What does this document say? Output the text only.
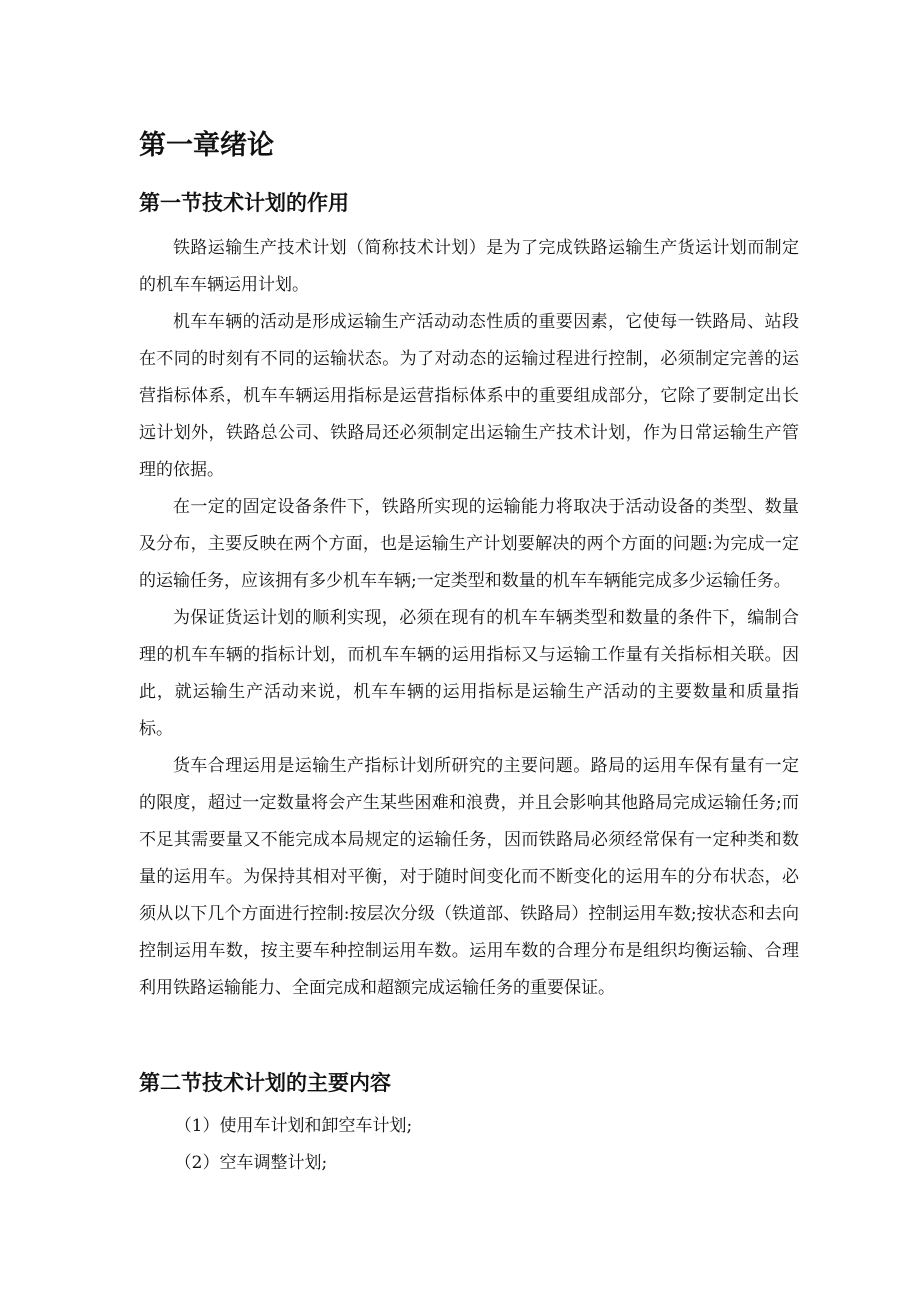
第一章绪论
第一节技术计划的作用

铁路运输生产技术计划（简称技术计划）是为了完成铁路运输生产货运计划而制定的机车车辆运用计划。

机车车辆的活动是形成运输生产活动动态性质的重要因素，它使每一铁路局、站段在不同的时刻有不同的运输状态。为了对动态的运输过程进行控制，必须制定完善的运营指标体系，机车车辆运用指标是运营指标体系中的重要组成部分，它除了要制定出长远计划外，铁路总公司、铁路局还必须制定出运输生产技术计划，作为日常运输生产管理的依据。

在一定的固定设备条件下，铁路所实现的运输能力将取决于活动设备的类型、数量及分布，主要反映在两个方面，也是运输生产计划要解决的两个方面的问题:为完成一定的运输任务，应该拥有多少机车车辆;一定类型和数量的机车车辆能完成多少运输任务。

为保证货运计划的顺利实现，必须在现有的机车车辆类型和数量的条件下，编制合理的机车车辆的指标计划，而机车车辆的运用指标又与运输工作量有关指标相关联。因此，就运输生产活动来说，机车车辆的运用指标是运输生产活动的主要数量和质量指标。

货车合理运用是运输生产指标计划所研究的主要问题。路局的运用车保有量有一定的限度，超过一定数量将会产生某些困难和浪费，并且会影响其他路局完成运输任务;而不足其需要量又不能完成本局规定的运输任务，因而铁路局必须经常保有一定种类和数量的运用车。为保持其相对平衡，对于随时间变化而不断变化的运用车的分布状态，必须从以下几个方面进行控制:按层次分级（铁道部、铁路局）控制运用车数;按状态和去向控制运用车数，按主要车种控制运用车数。运用车数的合理分布是组织均衡运输、合理利用铁路运输能力、全面完成和超额完成运输任务的重要保证。

第二节技术计划的主要内容

（1）使用车计划和卸空车计划;

（2）空车调整计划;
